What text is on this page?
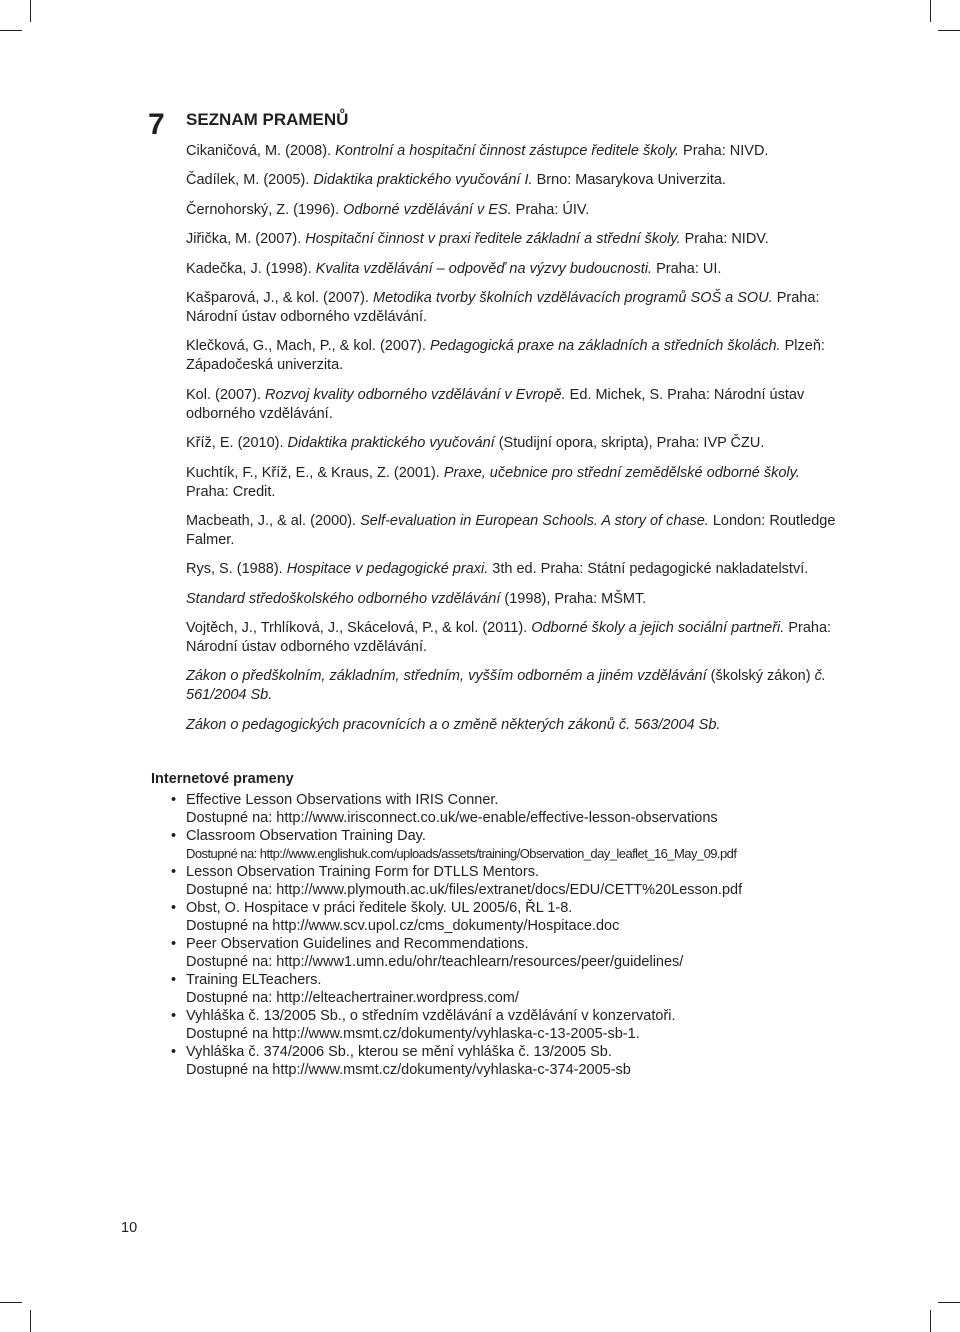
7 SEZNAM PRAMENŮ

Cikaničová, M. (2008). Kontrolní a hospitační činnost zástupce ředitele školy. Praha: NIVD.

Čadílek, M. (2005). Didaktika praktického vyučování I. Brno: Masarykova Univerzita.

Černohorský, Z. (1996). Odborné vzdělávání v ES. Praha: ÚIV.

Jiřička, M. (2007). Hospitační činnost v praxi ředitele základní a střední školy. Praha: NIDV.

Kadečka, J. (1998). Kvalita vzdělávání – odpověď na výzvy budoucnosti. Praha: UI.

Kašparová, J., & kol. (2007). Metodika tvorby školních vzdělávacích programů SOŠ a SOU. Praha: Národní ústav odborného vzdělávání.

Klečková, G., Mach, P., & kol. (2007). Pedagogická praxe na základních a středních školách. Plzeň: Západočeská univerzita.

Kol. (2007). Rozvoj kvality odborného vzdělávání v Evropě. Ed. Michek, S. Praha: Národní ústav odborného vzdělávání.

Kříž, E. (2010). Didaktika praktického vyučování (Studijní opora, skripta), Praha: IVP ČZU.

Kuchtík, F., Kříž, E., & Kraus, Z. (2001). Praxe, učebnice pro střední zemědělské odborné školy. Praha: Credit.

Macbeath, J., & al. (2000). Self-evaluation in European Schools. A story of chase. London: Routledge Falmer.

Rys, S. (1988). Hospitace v pedagogické praxi. 3th ed. Praha: Státní pedagogické nakladatelství.

Standard středoškolského odborného vzdělávání (1998), Praha: MŠMT.

Vojtěch, J., Trhlíková, J., Skácelová, P., & kol. (2011). Odborné školy a jejich sociální partneři. Praha: Národní ústav odborného vzdělávání.

Zákon o předškolním, základním, středním, vyšším odborném a jiném vzdělávání (školský zákon) č. 561/2004 Sb.

Zákon o pedagogických pracovnících a o změně některých zákonů č. 563/2004 Sb.

Internetové prameny
• Effective Lesson Observations with IRIS Conner.
Dostupné na: http://www.irisconnect.co.uk/we-enable/effective-lesson-observations
• Classroom Observation Training Day.
Dostupné na: http://www.englishuk.com/uploads/assets/training/Observation_day_leaflet_16_May_09.pdf
• Lesson Observation Training Form for DTLLS Mentors.
Dostupné na: http://www.plymouth.ac.uk/files/extranet/docs/EDU/CETT%20Lesson.pdf
• Obst, O. Hospitace v práci ředitele školy. UL 2005/6, ŘL 1-8.
Dostupné na http://www.scv.upol.cz/cms_dokumenty/Hospitace.doc
• Peer Observation Guidelines and Recommendations.
Dostupné na: http://www1.umn.edu/ohr/teachlearn/resources/peer/guidelines/
• Training ELTeachers.
Dostupné na: http://elteachertrainer.wordpress.com/
• Vyhláška č. 13/2005 Sb., o středním vzdělávání a vzdělávání v konzervatoři.
Dostupné na http://www.msmt.cz/dokumenty/vyhlaska-c-13-2005-sb-1.
• Vyhláška č. 374/2006 Sb., kterou se mění vyhláška č. 13/2005 Sb.
Dostupné na http://www.msmt.cz/dokumenty/vyhlaska-c-374-2005-sb
10
